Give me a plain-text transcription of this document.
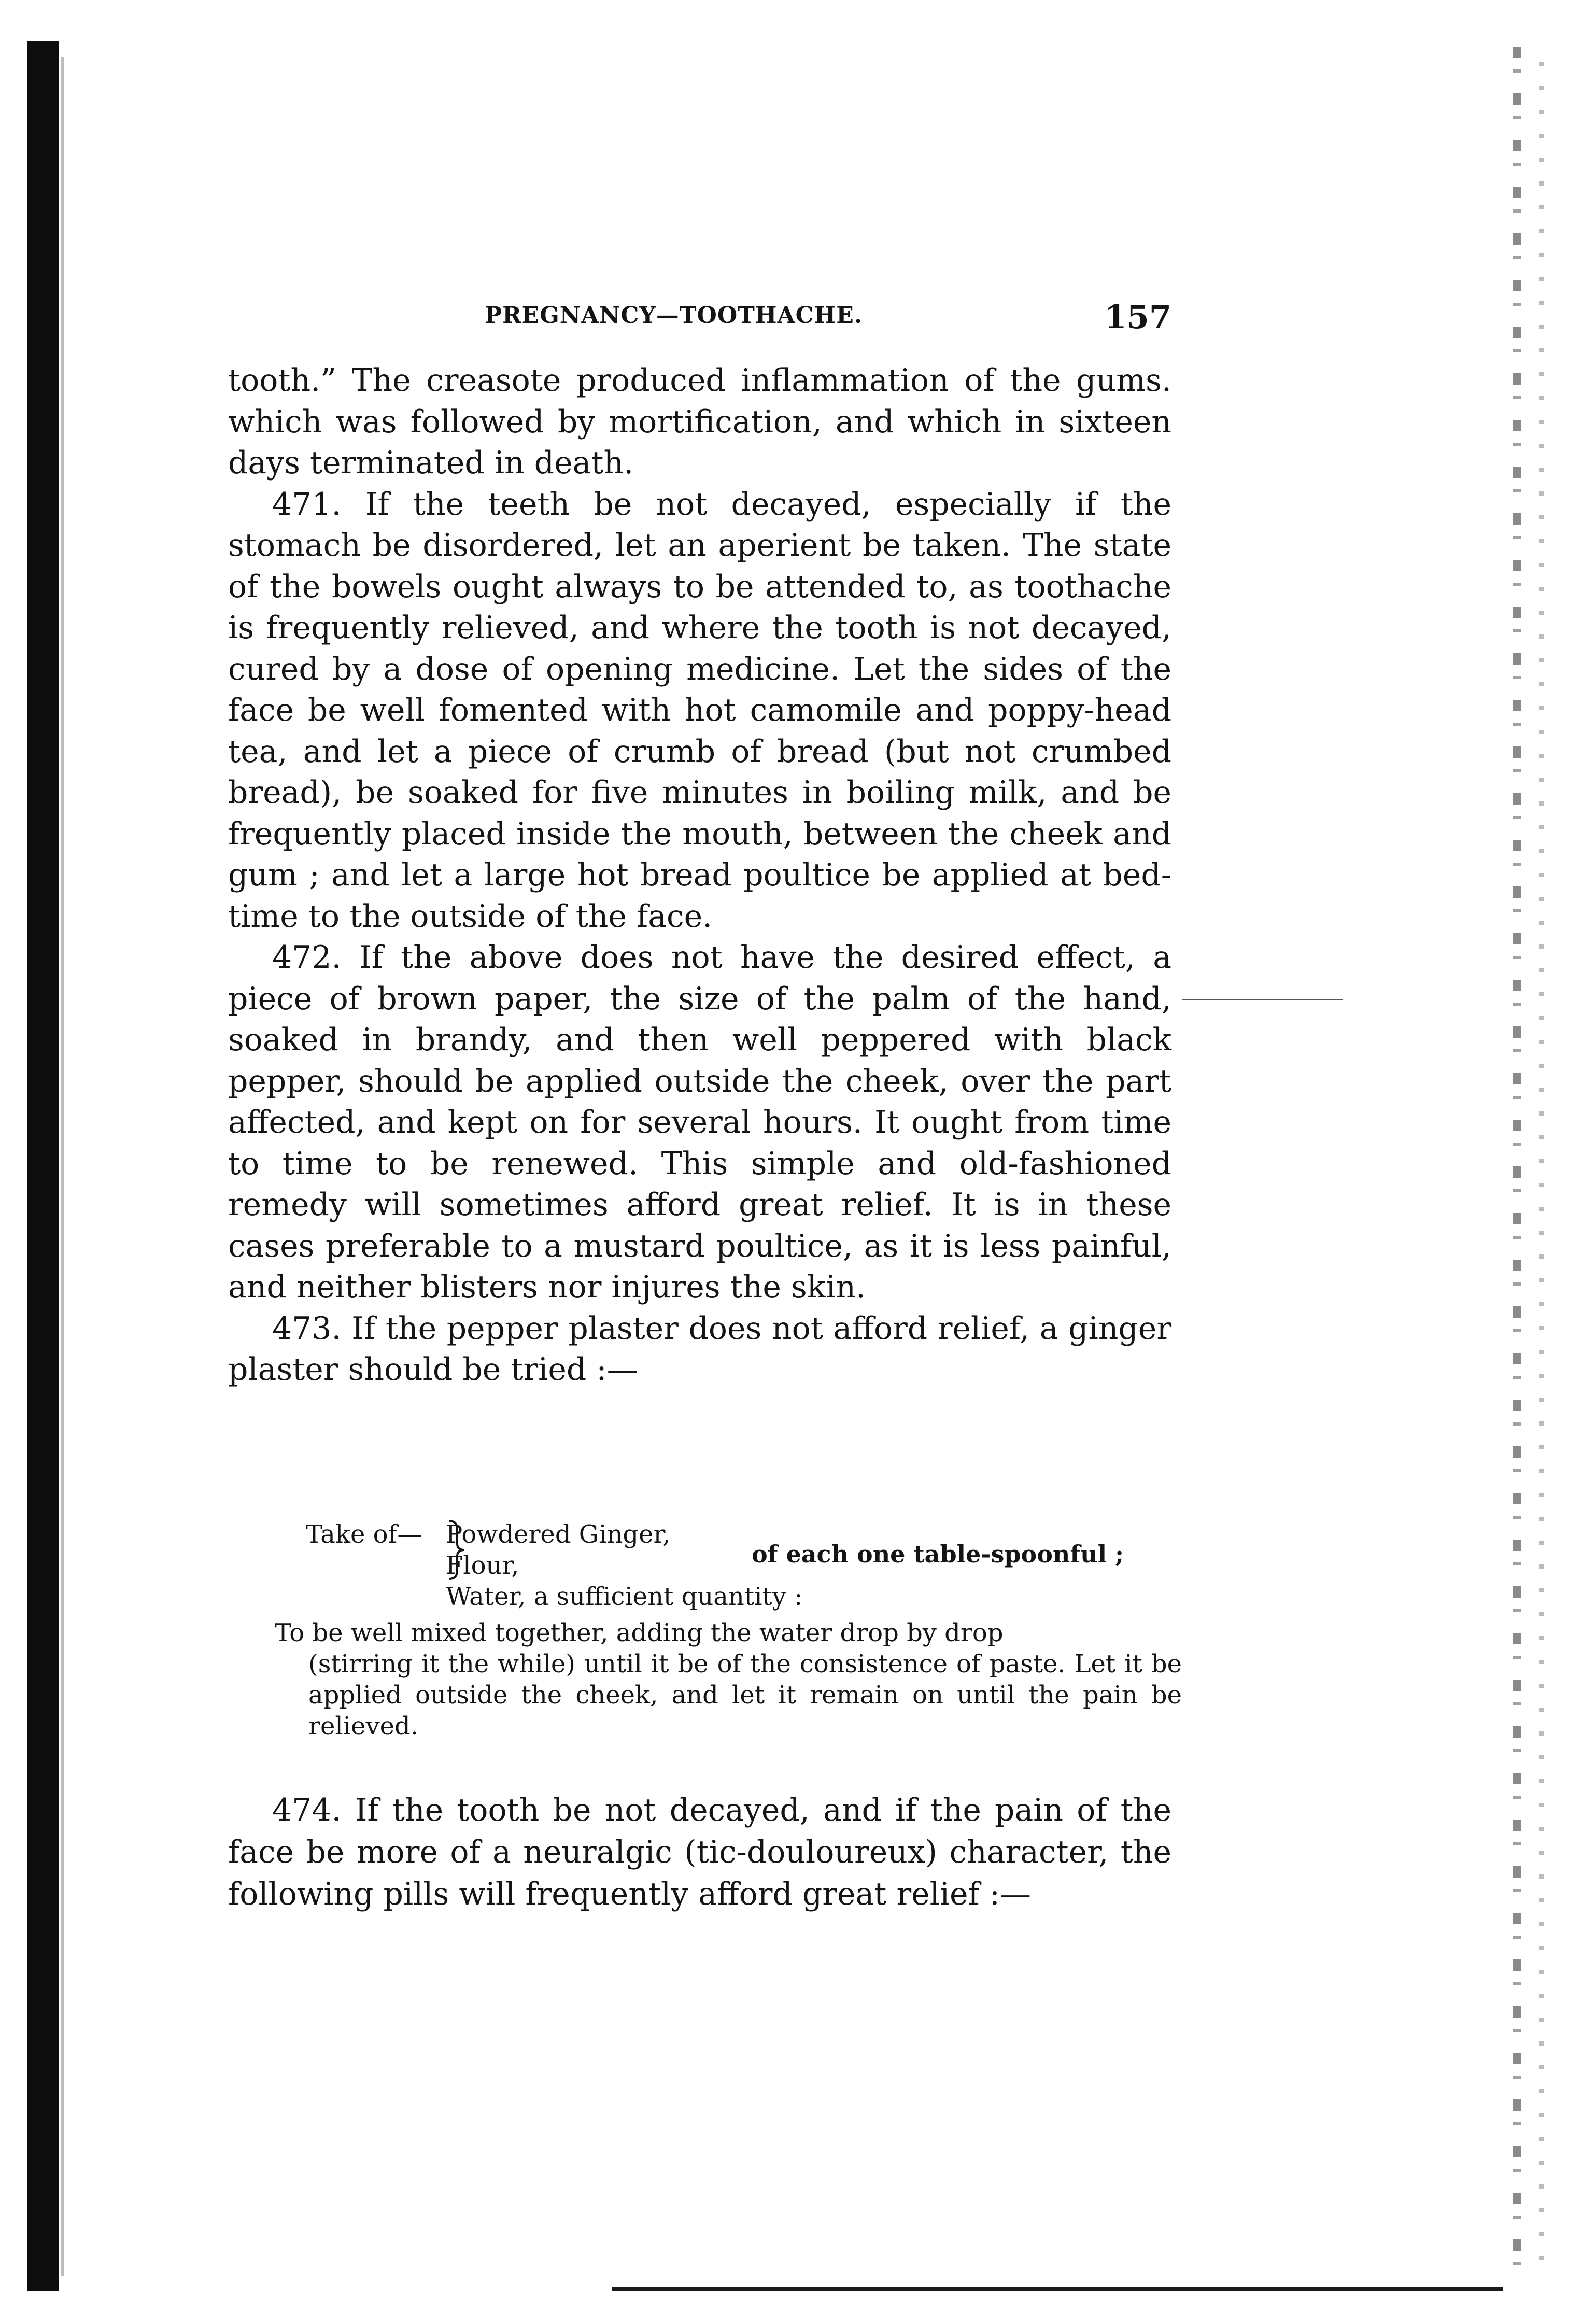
PREGNANCY—TOOTHACHE.	157

tooth.” The creasote produced inflammation of the gums. which was followed by mortification, and which in sixteen days terminated in death.

471. If the teeth be not decayed, especially if the stomach be disordered, let an aperient be taken. The state of the bowels ought always to be attended to, as toothache is frequently relieved, and where the tooth is not decayed, cured by a dose of opening medicine. Let the sides of the face be well fomented with hot camomile and poppy-head tea, and let a piece of crumb of bread (but not crumbed bread), be soaked for five minutes in boiling milk, and be frequently placed inside the mouth, between the cheek and gum ; and let a large hot bread poultice be applied at bed-time to the outside of the face.

472. If the above does not have the desired effect, a piece of brown paper, the size of the palm of the hand, soaked in brandy, and then well peppered with black pepper, should be applied outside the cheek, over the part affected, and kept on for several hours. It ought from time to time to be renewed. This simple and old-fashioned remedy will sometimes afford great relief. It is in these cases preferable to a mustard poultice, as it is less painful, and neither blisters nor injures the skin.

473. If the pepper plaster does not afford relief, a ginger plaster should be tried :—

Take of— Powdered Ginger,
of each one table-spoonful ;
Flour,
Water, a sufficient quantity :

To be well mixed together, adding the water drop by drop

(stirring it the while) until it be of the consistence of paste. Let it be applied outside the cheek, and let it remain on until the pain be relieved.

474. If the tooth be not decayed, and if the pain of the face be more of a neuralgic (tic-douloureux) character, the following pills will frequently afford great relief :—
